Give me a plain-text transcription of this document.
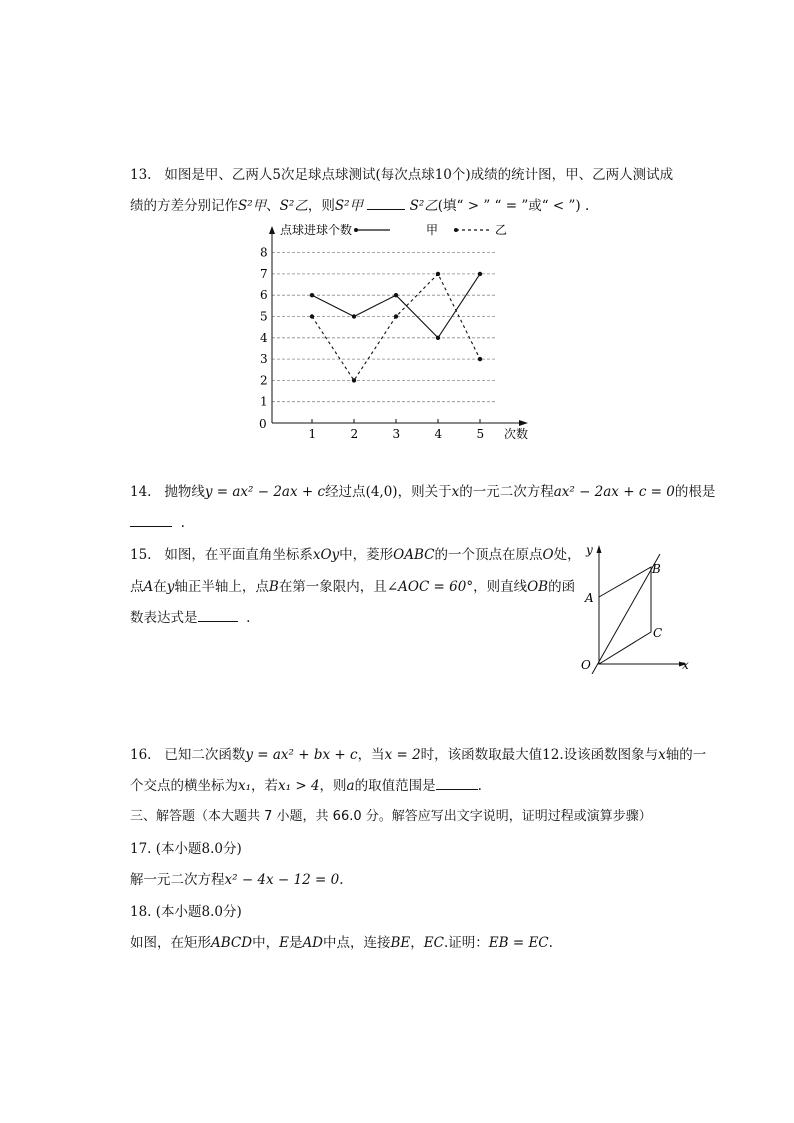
13. 如图是甲、乙两人5次足球点球测试(每次点球10个)成绩的统计图，甲、乙两人测试成
绩的方差分别记作S²甲、S²乙，则S²甲	S²乙(填“ > ” “ = ”或“ < ”) .
点球进球个数	甲	乙
1
2
3
4
5
6
7
8
1	2	3	4	5
0
次数
14. 抛物线y = ax² − 2ax + c经过点(4,0)，则关于x的一元二次方程ax² − 2ax + c = 0的根是
.
15. 如图，在平面直角坐标系xOy中，菱形OABC的一个顶点在原点O处，
点A在y轴正半轴上，点B在第一象限内，且∠AOC = 60°，则直线OB的函
数表达式是	.
y
A
B
C
O	x
16. 已知二次函数y = ax² + bx + c，当x = 2时，该函数取最大值12.设该函数图象与x轴的一
个交点的横坐标为x₁，若x₁ > 4，则a的取值范围是	.
三、解答题（本大题共 7 小题，共 66.0 分。解答应写出文字说明，证明过程或演算步骤）
17. (本小题8.0分)
解一元二次方程x² − 4x − 12 = 0.
18. (本小题8.0分)
如图，在矩形ABCD中，E是AD中点，连接BE，EC.证明：EB = EC.
